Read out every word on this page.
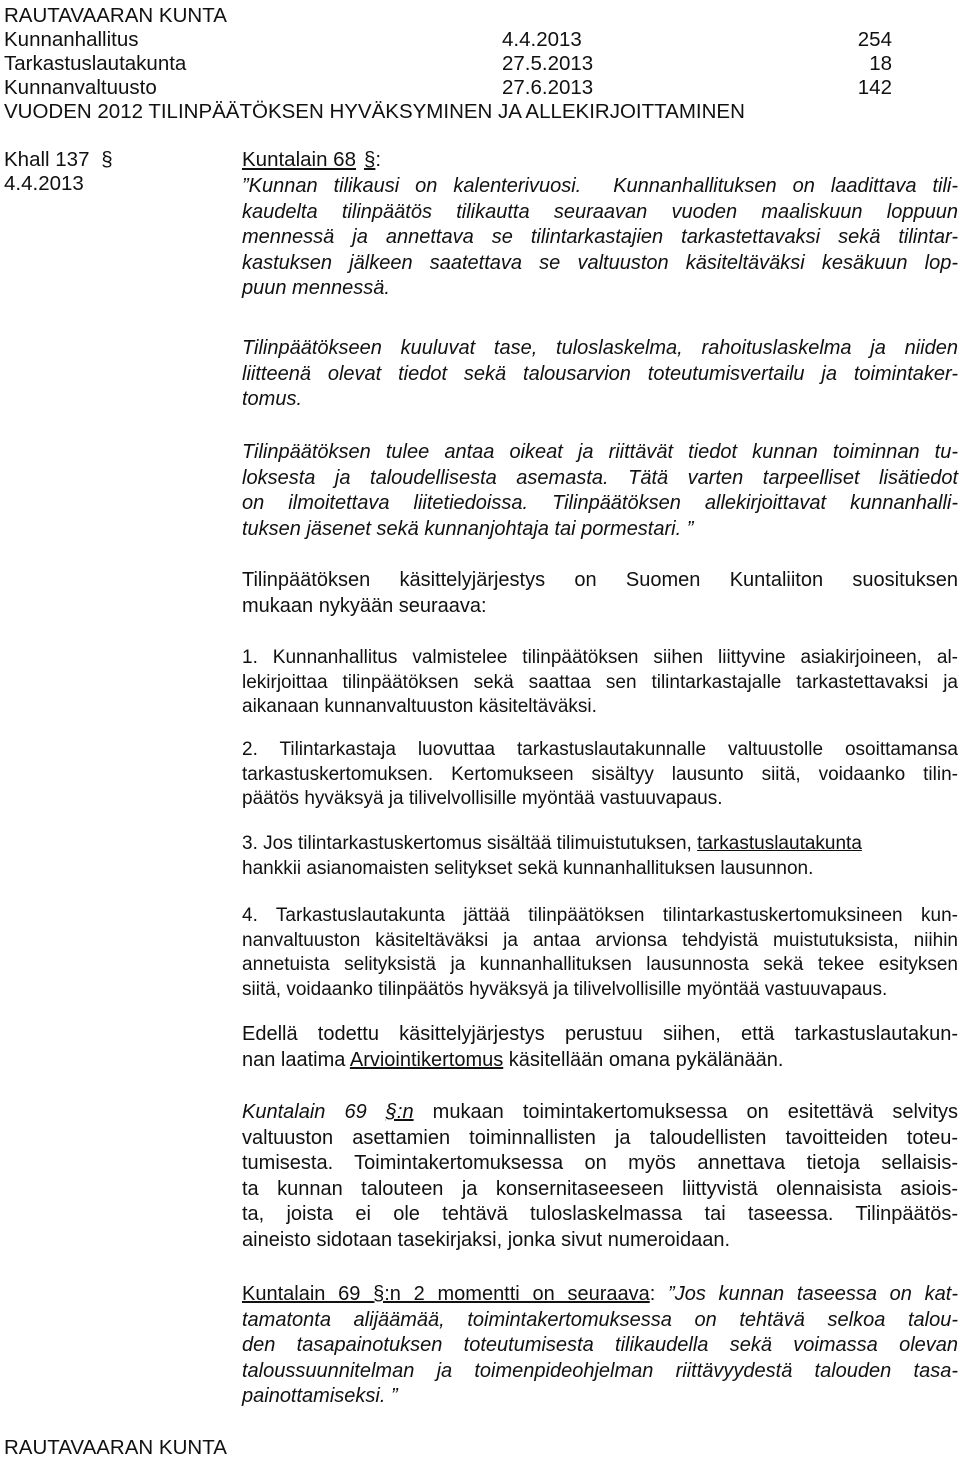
RAUTAVAARAN KUNTA
Kunnanhallitus	4.4.2013	254
Tarkastuslautakunta	27.5.2013	18
Kunnanvaltuusto	27.6.2013	142
VUODEN 2012 TILINPÄÄTÖKSEN HYVÄKSYMINEN JA ALLEKIRJOITTAMINEN
Khall 137 §
4.4.2013
Kuntalain 68 §:
”Kunnan tilikausi on kalenterivuosi. Kunnanhallituksen on laadittava tili-
kaudelta tilinpäätös tilikautta seuraavan vuoden maaliskuun loppuun
mennessä ja annettava se tilintarkastajien tarkastettavaksi sekä tilintar-
kastuksen jälkeen saatettava se valtuuston käsiteltäväksi kesäkuun lop-
puun mennessä.
Tilinpäätökseen kuuluvat tase, tuloslaskelma, rahoituslaskelma ja niiden
liitteenä olevat tiedot sekä talousarvion toteutumisvertailu ja toimintaker-
tomus.
Tilinpäätöksen tulee antaa oikeat ja riittävät tiedot kunnan toiminnan tu-
loksesta ja taloudellisesta asemasta. Tätä varten tarpeelliset lisätiedot
on ilmoitettava liitetiedoissa. Tilinpäätöksen allekirjoittavat kunnanhalli-
tuksen jäsenet sekä kunnanjohtaja tai pormestari. ”
Tilinpäätöksen käsittelyjärjestys on Suomen Kuntaliiton suosituksen
mukaan nykyään seuraava:
1. Kunnanhallitus valmistelee tilinpäätöksen siihen liittyvine asiakirjoineen, al-
lekirjoittaa tilinpäätöksen sekä saattaa sen tilintarkastajalle tarkastettavaksi ja
aikanaan kunnanvaltuuston käsiteltäväksi.
2. Tilintarkastaja luovuttaa tarkastuslautakunnalle valtuustolle osoittamansa
tarkastuskertomuksen. Kertomukseen sisältyy lausunto siitä, voidaanko tilin-
päätös hyväksyä ja tilivelvollisille myöntää vastuuvapaus.
3. Jos tilintarkastuskertomus sisältää tilimuistutuksen, tarkastuslautakunta
hankkii asianomaisten selitykset sekä kunnanhallituksen lausunnon.
4. Tarkastuslautakunta jättää tilinpäätöksen tilintarkastuskertomuksineen kun-
nanvaltuuston käsiteltäväksi ja antaa arvionsa tehdyistä muistutuksista, niihin
annetuista selityksistä ja kunnanhallituksen lausunnosta sekä tekee esityksen
siitä, voidaanko tilinpäätös hyväksyä ja tilivelvollisille myöntää vastuuvapaus.
Edellä todettu käsittelyjärjestys perustuu siihen, että tarkastuslautakun-
nan laatima Arviointikertomus käsitellään omana pykälänään.
Kuntalain 69 §:n mukaan toimintakertomuksessa on esitettävä selvitys
valtuuston asettamien toiminnallisten ja taloudellisten tavoitteiden toteu-
tumisesta. Toimintakertomuksessa on myös annettava tietoja sellaisis-
ta kunnan talouteen ja konsernitaseeseen liittyvistä olennaisista asiois-
ta, joista ei ole tehtävä tuloslaskelmassa tai taseessa. Tilinpäätös-
aineisto sidotaan tasekirjaksi, jonka sivut numeroidaan.
Kuntalain 69 §:n 2 momentti on seuraava: ”Jos kunnan taseessa on kat-
tamatonta alijäämää, toimintakertomuksessa on tehtävä selkoa talou-
den tasapainotuksen toteutumisesta tilikaudella sekä voimassa olevan
taloussuunnitelman ja toimenpideohjelman riittävyydestä talouden tasa-
painottamiseksi. ”
RAUTAVAARAN KUNTA
